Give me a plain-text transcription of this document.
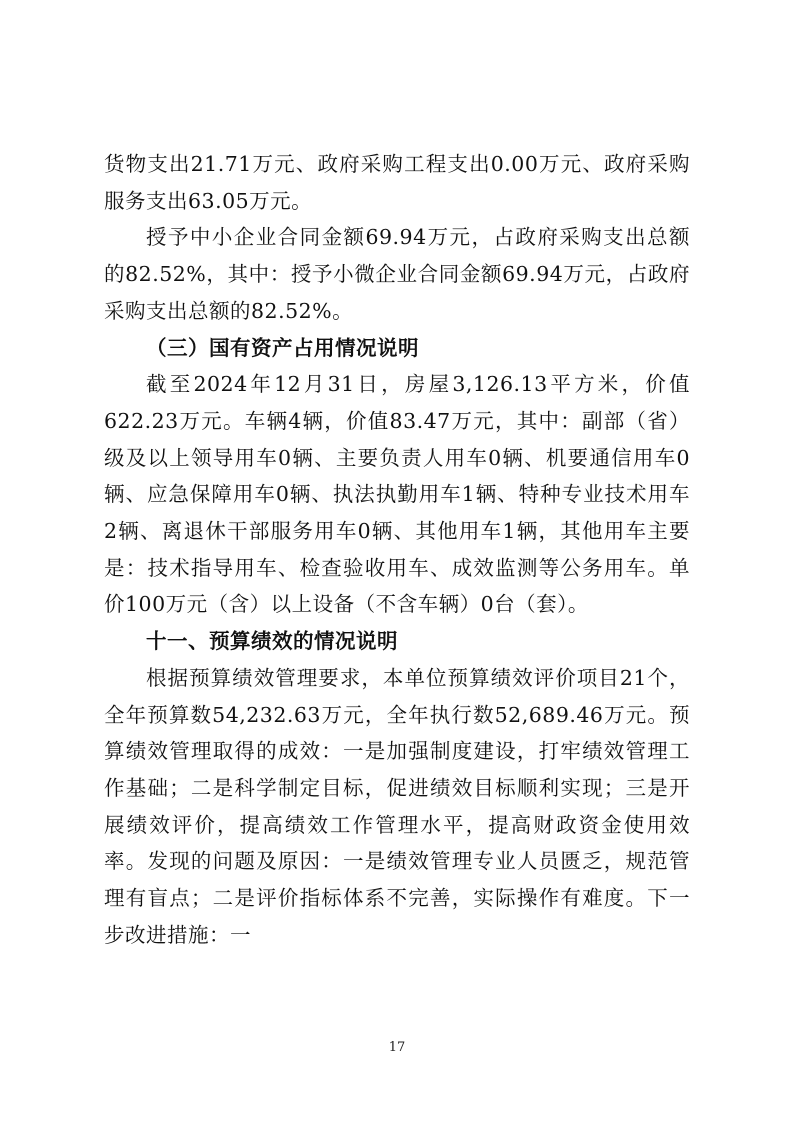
货物支出21.71万元、政府采购工程支出0.00万元、政府采购服务支出63.05万元。

授予中小企业合同金额69.94万元，占政府采购支出总额的82.52%，其中：授予小微企业合同金额69.94万元，占政府采购支出总额的82.52%。

（三）国有资产占用情况说明

截至2024年12月31日，房屋3,126.13平方米，价值622.23万元。车辆4辆，价值83.47万元，其中：副部（省）级及以上领导用车0辆、主要负责人用车0辆、机要通信用车0辆、应急保障用车0辆、执法执勤用车1辆、特种专业技术用车2辆、离退休干部服务用车0辆、其他用车1辆，其他用车主要是：技术指导用车、检查验收用车、成效监测等公务用车。单价100万元（含）以上设备（不含车辆）0台（套）。

十一、预算绩效的情况说明

根据预算绩效管理要求，本单位预算绩效评价项目21个，全年预算数54,232.63万元，全年执行数52,689.46万元。预算绩效管理取得的成效：一是加强制度建设，打牢绩效管理工作基础；二是科学制定目标，促进绩效目标顺利实现；三是开展绩效评价，提高绩效工作管理水平，提高财政资金使用效率。发现的问题及原因：一是绩效管理专业人员匮乏，规范管理有盲点；二是评价指标体系不完善，实际操作有难度。下一步改进措施：一

17
